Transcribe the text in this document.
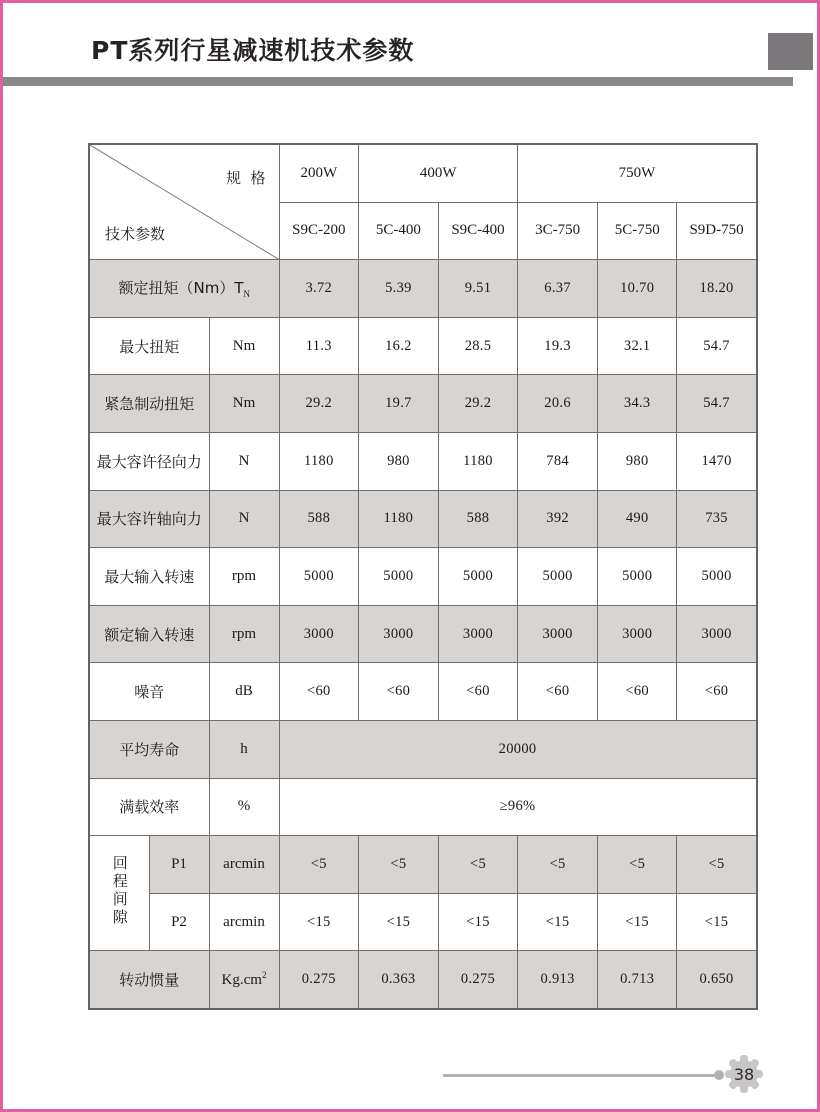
PT系列行星减速机技术参数
规  格
技术参数			200W	400W		750W		
			S9C-200	5C-400	S9C-400	3C-750	5C-750	S9D-750
额定扭矩$(Nm)T_N$			3.72	5.39	9.51	6.37	10.70	18.20
最大扭矩		Nm	11.3	16.2	28.5	19.3	32.1	54.7
紧急制动扭矩		Nm	29.2	19.7	29.2	20.6	34.3	54.7
最大容许径向力		N	1180	980	1180	784	980	1470
最大容许轴向力		N	588	1180	588	392	490	735
最大输入转速		rpm	5000	5000	5000	5000	5000	5000
额定输入转速		rpm	3000	3000	3000	3000	3000	3000
噪音		dB	<60	<60	<60	<60	<60	<60
平均寿命		h	20000					
满载效率		%	≥96%					
回程间隙	P1	arcmin	<5	<5	<5	<5	<5	<5
	P2	arcmin	<15	<15	<15	<15	<15	<15
转动惯量		$Kg.cm^2$	0.275	0.363	0.275	0.913	0.713	0.650
38
